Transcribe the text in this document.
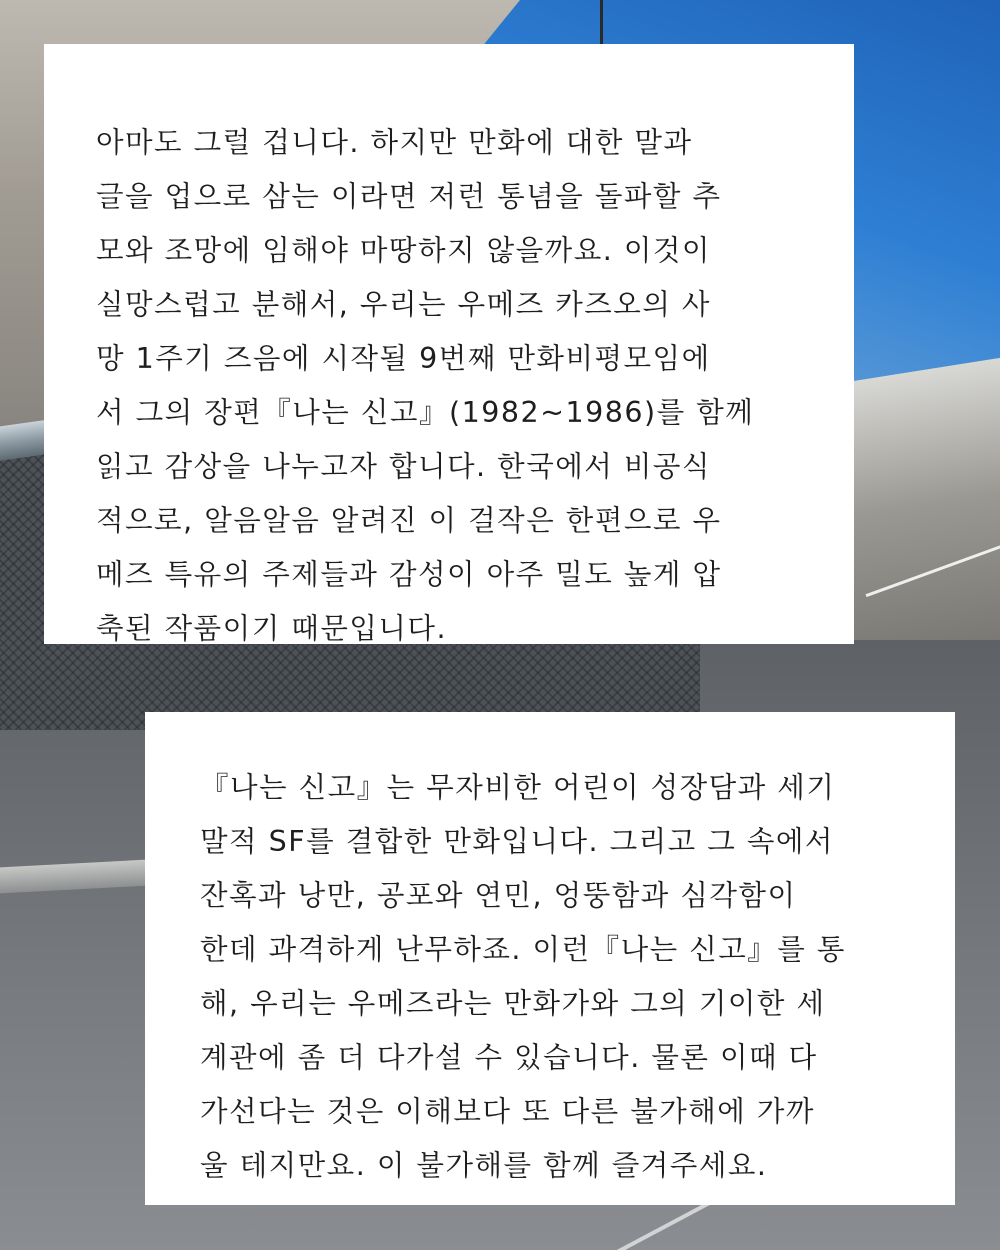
아마도 그럴 겁니다. 하지만 만화에 대한 말과

글을 업으로 삼는 이라면 저런 통념을 돌파할 추

모와 조망에 임해야 마땅하지 않을까요. 이것이

실망스럽고 분해서, 우리는 우메즈 카즈오의 사

망 1주기 즈음에 시작될 9번째 만화비평모임에

서 그의 장편『나는 신고』(1982~1986)를 함께

읽고 감상을 나누고자 합니다. 한국에서 비공식

적으로, 알음알음 알려진 이 걸작은 한편으로 우

메즈 특유의 주제들과 감성이 아주 밀도 높게 압

축된 작품이기 때문입니다.

『나는 신고』는 무자비한 어린이 성장담과 세기

말적 SF를 결합한 만화입니다. 그리고 그 속에서

잔혹과 낭만, 공포와 연민, 엉뚱함과 심각함이

한데 과격하게 난무하죠. 이런『나는 신고』를 통

해, 우리는 우메즈라는 만화가와 그의 기이한 세

계관에 좀 더 다가설 수 있습니다. 물론 이때 다

가선다는 것은 이해보다 또 다른 불가해에 가까

울 테지만요. 이 불가해를 함께 즐겨주세요.
